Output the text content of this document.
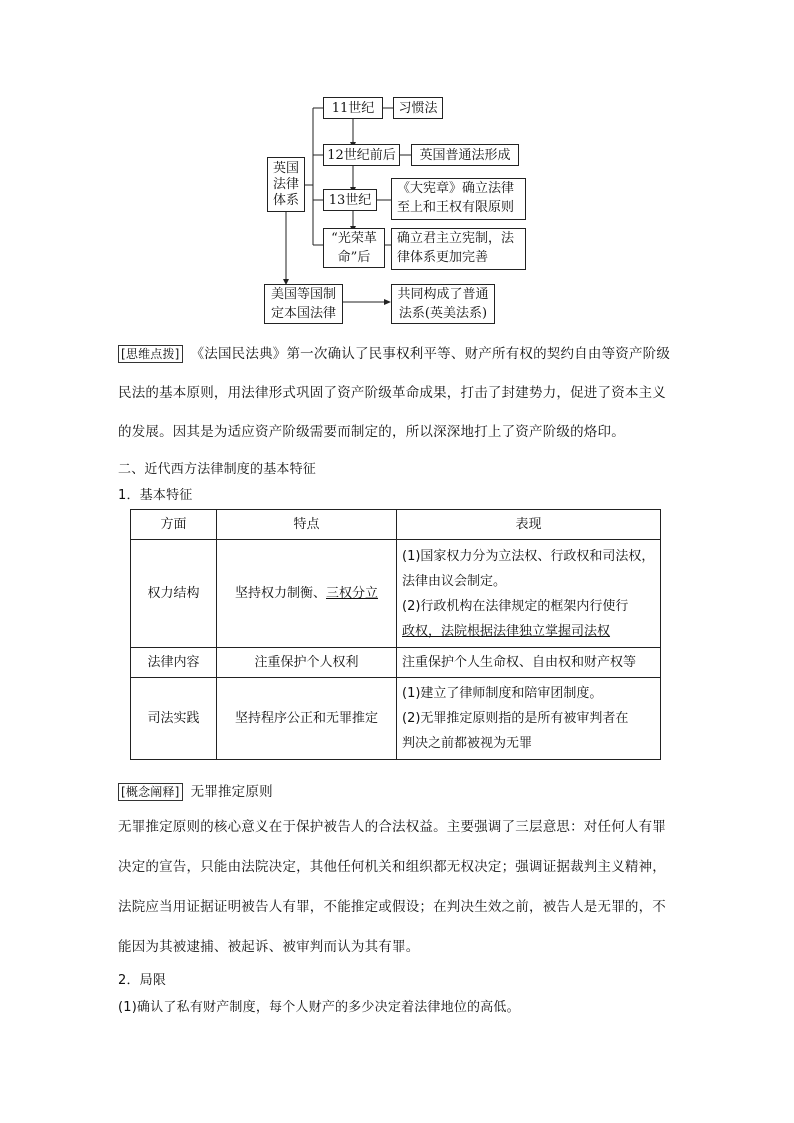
英国
法律
体系
11世纪 习惯法
12世纪前后 英国普通法形成
13世纪
《大宪章》确立法律
至上和王权有限原则
“光荣革
命”后
确立君主立宪制，法
律体系更加完善
美国等国制
定本国法律
共同构成了普通
法系(英美法系)
[思维点拨] 《法国民法典》第一次确认了民事权利平等、财产所有权的契约自由等资产阶级
民法的基本原则，用法律形式巩固了资产阶级革命成果，打击了封建势力，促进了资本主义
的发展。因其是为适应资产阶级需要而制定的，所以深深地打上了资产阶级的烙印。
二、近代西方法律制度的基本特征
1．基本特征
方面	特点	表现
权力结构	坚持权力制衡、三权分立	(1)国家权力分为立法权、行政权和司法权，
法律由议会制定。
(2)行政机构在法律规定的框架内行使行
政权，法院根据法律独立掌握司法权

法律内容	注重保护个人权利	注重保护个人生命权、自由权和财产权等
司法实践	坚持程序公正和无罪推定	(1)建立了律师制度和陪审团制度。
(2)无罪推定原则指的是所有被审判者在
判决之前都被视为无罪
[概念阐释] 无罪推定原则
无罪推定原则的核心意义在于保护被告人的合法权益。主要强调了三层意思：对任何人有罪
决定的宣告，只能由法院决定，其他任何机关和组织都无权决定；强调证据裁判主义精神，
法院应当用证据证明被告人有罪，不能推定或假设；在判决生效之前，被告人是无罪的，不
能因为其被逮捕、被起诉、被审判而认为其有罪。
2．局限
(1)确认了私有财产制度，每个人财产的多少决定着法律地位的高低。
